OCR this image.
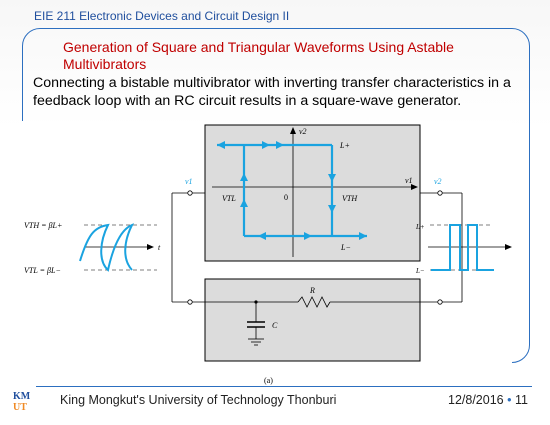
EIE 211 Electronic Devices and Circuit Design II
Generation of Square and Triangular Waveforms Using Astable Multivibrators
Connecting a bistable multivibrator with inverting transfer characteristics in a feedback loop with an RC circuit results in a square-wave generator.
v2
v1
0
L+
L−
VTL	VTH
v1	v2
R
C
VTH = βL+
VTL = βL−
t
L+
L−
(a)
KM
UT
King Mongkut's University of Technology Thonburi	12/8/2016 • 11
